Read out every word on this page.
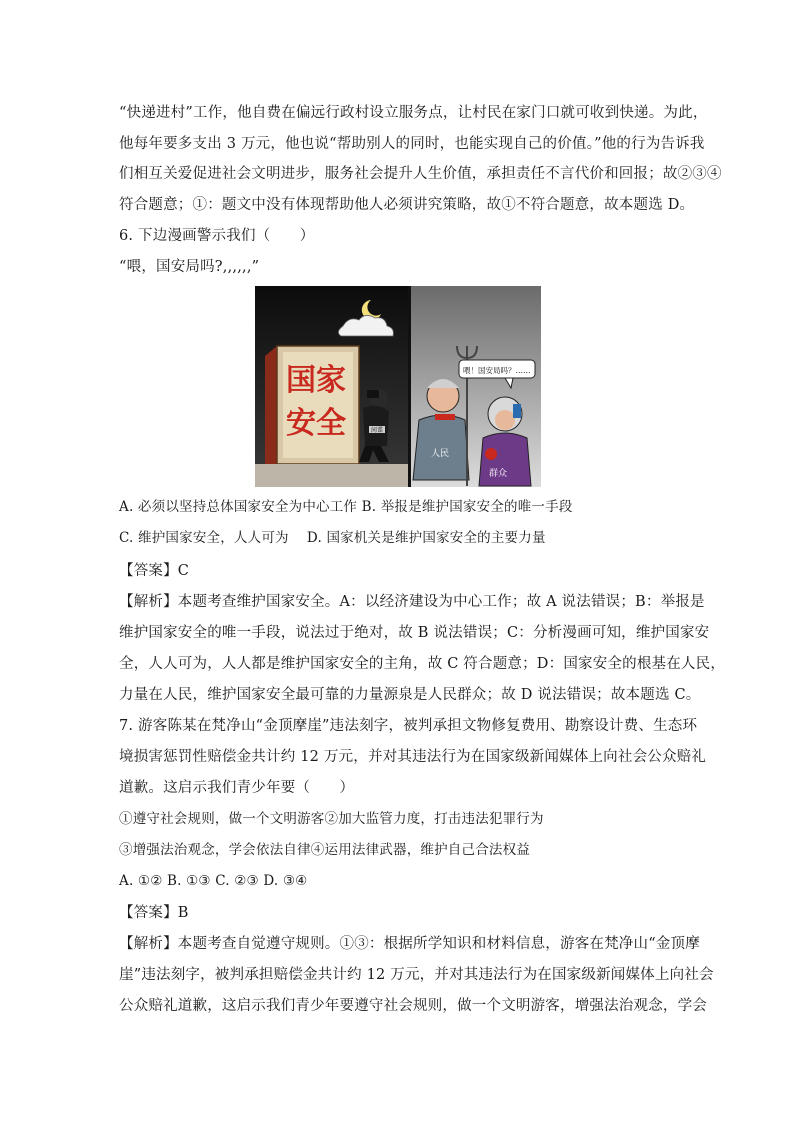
“快递进村”工作，他自费在偏远行政村设立服务点，让村民在家门口就可收到快递。为此，
他每年要多支出 3 万元，他也说“帮助别人的同时，也能实现自己的价值。”他的行为告诉我
们相互关爱促进社会文明进步，服务社会提升人生价值，承担责任不言代价和回报；故②③④
符合题意；①：题文中没有体现帮助他人必须讲究策略，故①不符合题意，故本题选 D。
6. 下边漫画警示我们（　　）
“喂，国安局吗?,,,,,,”
国家
安全	间谍
人民
群众
喂！国安局吗？……
A. 必须以坚持总体国家安全为中心工作 B. 举报是维护国家安全的唯一手段
C. 维护国家安全，人人可为　 D. 国家机关是维护国家安全的主要力量
【答案】C
【解析】本题考查维护国家安全。A：以经济建设为中心工作；故 A 说法错误；B：举报是
维护国家安全的唯一手段，说法过于绝对，故 B 说法错误；C：分析漫画可知，维护国家安
全，人人可为，人人都是维护国家安全的主角，故 C 符合题意；D：国家安全的根基在人民，
力量在人民，维护国家安全最可靠的力量源泉是人民群众；故 D 说法错误；故本题选 C。
7. 游客陈某在梵净山“金顶摩崖”违法刻字，被判承担文物修复费用、勘察设计费、生态环
境损害惩罚性赔偿金共计约 12 万元，并对其违法行为在国家级新闻媒体上向社会公众赔礼
道歉。这启示我们青少年要（　　）
①遵守社会规则，做一个文明游客②加大监管力度，打击违法犯罪行为
③增强法治观念，学会依法自律④运用法律武器，维护自己合法权益
A. ①② B. ①③ C. ②③ D. ③④
【答案】B
【解析】本题考查自觉遵守规则。①③：根据所学知识和材料信息，游客在梵净山“金顶摩
崖”违法刻字，被判承担赔偿金共计约 12 万元，并对其违法行为在国家级新闻媒体上向社会
公众赔礼道歉，这启示我们青少年要遵守社会规则，做一个文明游客，增强法治观念，学会
